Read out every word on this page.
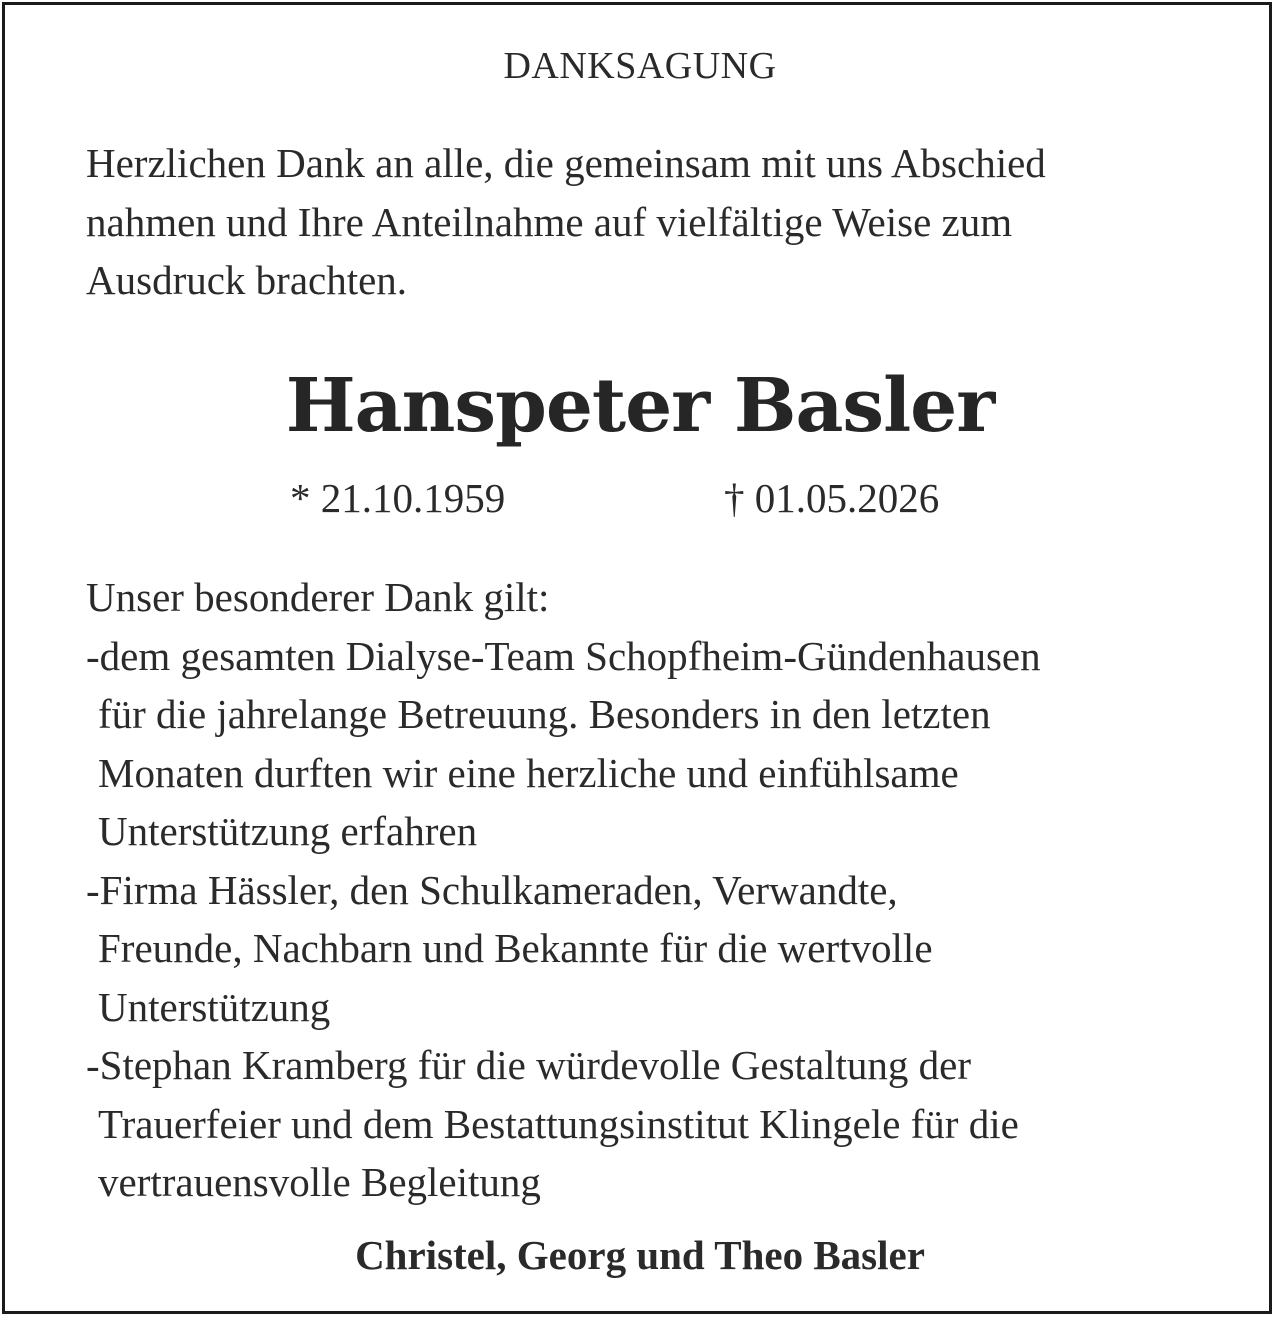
DANKSAGUNG
Herzlichen Dank an alle, die gemeinsam mit uns Abschied
nahmen und Ihre Anteilnahme auf vielfältige Weise zum
Ausdruck brachten.
Hanspeter Basler
* 21.10.1959	† 01.05.2026
Unser besonderer Dank gilt:
-dem gesamten Dialyse-Team Schopfheim-Gündenhausen
für die jahrelange Betreuung. Besonders in den letzten
Monaten durften wir eine herzliche und einfühlsame
Unterstützung erfahren
-Firma Hässler, den Schulkameraden, Verwandte,
Freunde, Nachbarn und Bekannte für die wertvolle
Unterstützung
-Stephan Kramberg für die würdevolle Gestaltung der
Trauerfeier und dem Bestattungsinstitut Klingele für die
vertrauensvolle Begleitung
Christel, Georg und Theo Basler
